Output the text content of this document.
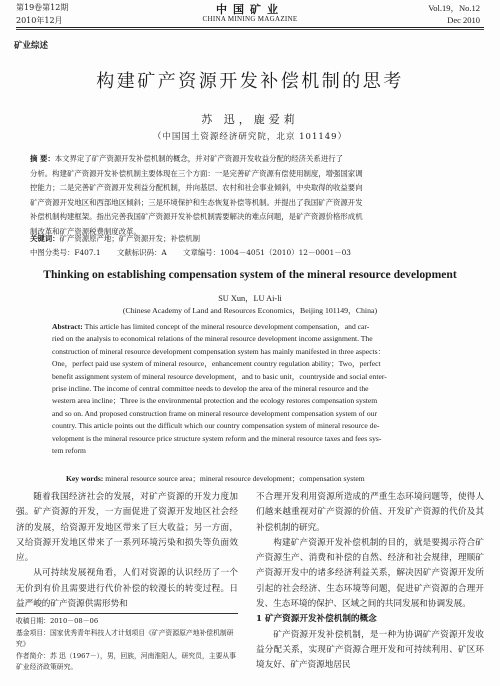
第19卷第12期
2010年12月
中国矿业
CHINA MINING MAGAZINE
Vol.19，No.12
Dec 2010
矿业综述
构建矿产资源开发补偿机制的思考
苏 迅，鹿爱莉
（中国国土资源经济研究院，北京 101149）
摘 要：本文界定了矿产资源开发补偿机制的概念，并对矿产资源开发收益分配的经济关系进行了
分析。构建矿产资源开发补偿机制主要体现在三个方面：一是完善矿产资源有偿使用制度，增强国家调
控能力；二是完善矿产资源开发利益分配机制，并向基层、农村和社会事业倾斜，中央取得的收益要向
矿产资源开发地区和西部地区倾斜；三是环境保护和生态恢复补偿等机制。并提出了我国矿产资源开发
补偿机制构建框架。指出完善我国矿产资源开发补偿机制需要解决的难点问题，是矿产资源价格形成机
制改革和矿产资源税费制度改革。
关键词：矿产资源原产地；矿产资源开发；补偿机制
中图分类号：F407.1 文献标识码：A 文章编号：1004－4051（2010）12－0001－03
Thinking on establishing compensation system of the mineral resource development
SU Xun，LU Ai-li
(Chinese Academy of Land and Resources Economics，Beijing 101149，China)
Abstract: This article has limited concept of the mineral resource development compensation，and car-
ried on the analysis to economical relations of the mineral resource development income assignment. The
construction of mineral resource development compensation system has mainly manifested in three aspects：
One，perfect paid use system of mineral resource，enhancement country regulation ability；Two，perfect
benefit assignment system of mineral resource development，and to basic unit，countryside and social enter-
prise incline. The income of central committee needs to develop the area of the mineral resource and the
western area incline；Three is the environmental protection and the ecology restores compensation system
and so on. And proposed construction frame on mineral resource development compensation system of our
country. This article points out the difficult which our country compensation system of mineral resource de-
velopment is the mineral resource price structure system reform and the mineral resource taxes and fees sys-
tem reform
Key words: mineral resource source area；mineral resource development；compensation system

随着我国经济社会的发展，对矿产资源的开发力度加强。矿产资源的开发，一方面促进了资源开发地区社会经济的发展，给资源开发地区带来了巨大收益；另一方面，又给资源开发地区带来了一系列环境污染和损失等负面效应。

从可持续发展视角看，人们对资源的认识经历了一个无价到有价且需要进行代价补偿的较漫长的转变过程。日益严峻的矿产资源供需形势和

不合理开发利用资源所造成的严重生态环境问题等，使得人们越来越重视对矿产资源的价值、开发矿产资源的代价及其补偿机制的研究。

构建矿产资源开发补偿机制的目的，就是要揭示符合矿产资源生产、消费和补偿的自然、经济和社会规律，理顺矿产资源开发中的诸多经济利益关系，解决因矿产资源开发所引起的社会经济、生态环境等问题，促进矿产资源的合理开发、生态环境的保护、区域之间的共同发展和协调发展。

1 矿产资源开发补偿机制的概念

矿产资源开发补偿机制，是一种为协调矿产资源开发收益分配关系，实现矿产资源合理开发和可持续利用、矿区环境友好、矿产资源地居民

收稿日期：2010－08－06

基金项目：国家优秀青年科技人才计划项目《矿产资源原产地补偿机制研究》

作者简介：苏 迅（1967－），男，回族，河南淮阳人，研究员，主要从事矿业经济政策研究。
